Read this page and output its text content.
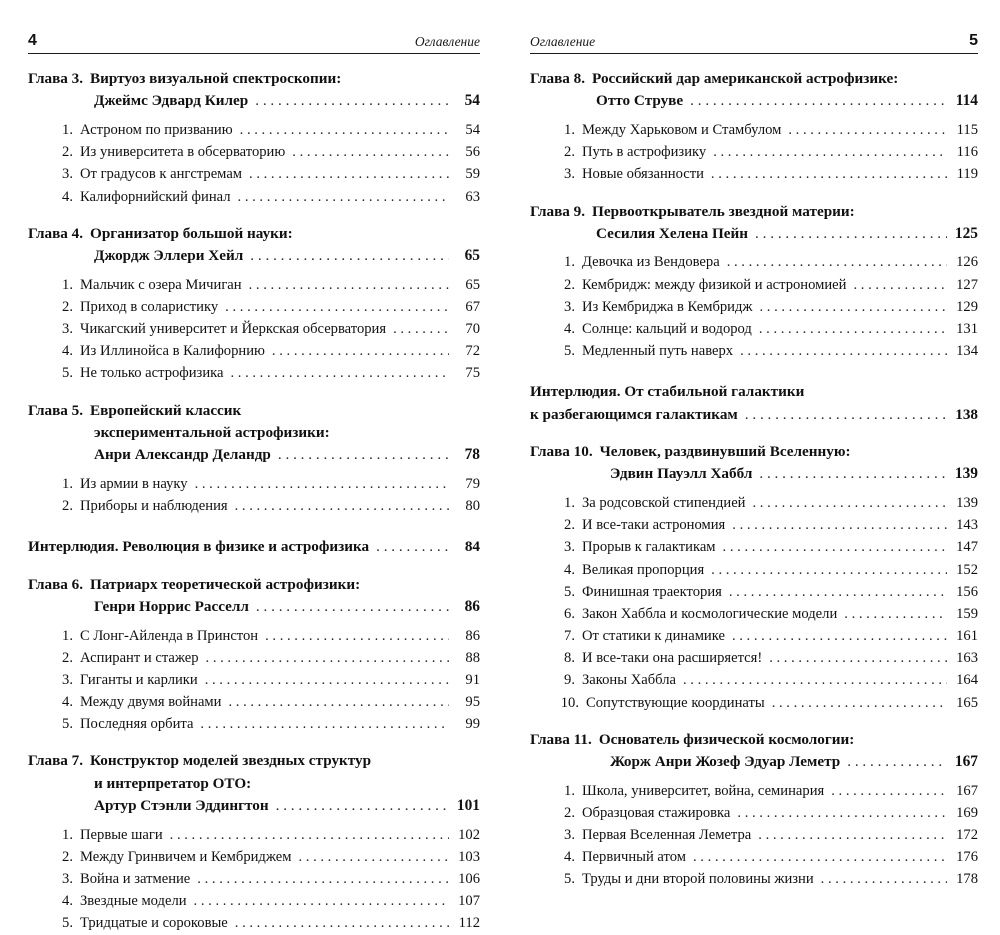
4	Оглавление
Глава 3. Виртуоз визуальной спектроскопии:
Джеймс Эдвард Килер . . .	54
1. Астроном по призванию . . .	54
2. Из университета в обсерваторию . . .	56
3. От градусов к ангстремам . . .	59
4. Калифорнийский финал . . .	63
Глава 4. Организатор большой науки:
Джордж Эллери Хейл . . .	65
1. Мальчик с озера Мичиган . . .	65
2. Приход в соларистику . . .	67
3. Чикагский университет и Йеркская обсерватория . . .	70
4. Из Иллинойса в Калифорнию . . .	72
5. Не только астрофизика . . .	75
Глава 5. Европейский классик
экспериментальной астрофизики:
Анри Александр Деландр . . .	78
1. Из армии в науку . . .	79
2. Приборы и наблюдения . . .	80
Интерлюдия. Революция в физике и астрофизика . . .	84
Глава 6. Патриарх теоретической астрофизики:
Генри Норрис Расселл . . .	86
1. С Лонг-Айленда в Принстон . . .	86
2. Аспирант и стажер . . .	88
3. Гиганты и карлики . . .	91
4. Между двумя войнами . . .	95
5. Последняя орбита . . .	99
Глава 7. Конструктор моделей звездных структур
и интерпретатор ОТО:
Артур Стэнли Эддингтон . . .	101
1. Первые шаги . . .	102
2. Между Гринвичем и Кембриджем . . .	103
3. Война и затмение . . .	106
4. Звездные модели . . .	107
5. Тридцатые и сороковые . . .	112
Оглавление	5
Глава 8. Российский дар американской астрофизике:
Отто Струве . . .	114
1. Между Харьковом и Стамбулом . . .	115
2. Путь в астрофизику . . .	116
3. Новые обязанности . . .	119
Глава 9. Первооткрыватель звездной материи:
Сесилия Хелена Пейн . . .	125
1. Девочка из Вендовера . . .	126
2. Кембридж: между физикой и астрономией . . .	127
3. Из Кембриджа в Кембридж . . .	129
4. Солнце: кальций и водород . . .	131
5. Медленный путь наверх . . .	134
Интерлюдия. От стабильной галактики
к разбегающимся галактикам . . .	138
Глава 10. Человек, раздвинувший Вселенную:
Эдвин Пауэлл Хаббл . . .	139
1. За родсовской стипендией . . .	139
2. И все-таки астрономия . . .	143
3. Прорыв к галактикам . . .	147
4. Великая пропорция . . .	152
5. Финишная траектория . . .	156
6. Закон Хаббла и космологические модели . . .	159
7. От статики к динамике . . .	161
8. И все-таки она расширяется! . . .	163
9. Законы Хаббла . . .	164
10. Сопутствующие координаты . . .	165
Глава 11. Основатель физической космологии:
Жорж Анри Жозеф Эдуар Леметр . . .	167
1. Школа, университет, война, семинария . . .	167
2. Образцовая стажировка . . .	169
3. Первая Вселенная Леметра . . .	172
4. Первичный атом . . .	176
5. Труды и дни второй половины жизни . . .	178
